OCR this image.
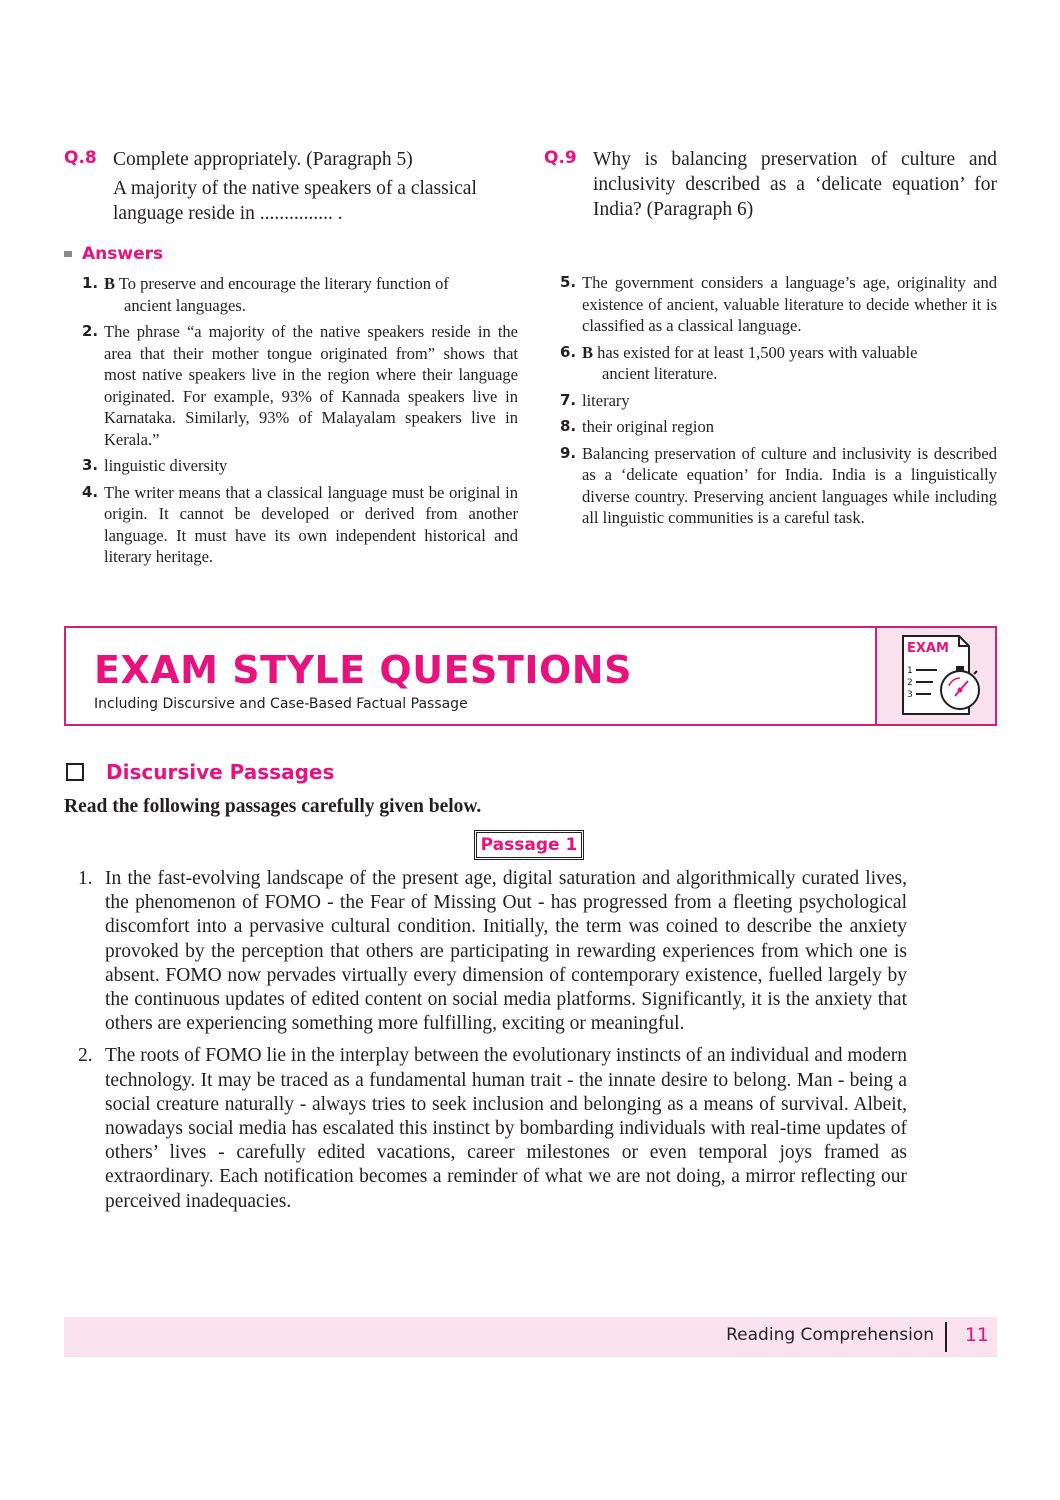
Q.8 Complete appropriately. (Paragraph 5)
A majority of the native speakers of a classical language reside in ............... .
Q.9 Why is balancing preservation of culture and inclusivity described as a ‘delicate equation’ for India? (Paragraph 6)
Answers
1. B To preserve and encourage the literary function of
ancient languages.
2. The phrase “a majority of the native speakers reside in the area that their mother tongue originated from” shows that most native speakers live in the region where their language originated. For example, 93% of Kannada speakers live in Karnataka. Similarly, 93% of Malayalam speakers live in Kerala.”
3. linguistic diversity
4. The writer means that a classical language must be original in origin. It cannot be developed or derived from another language. It must have its own independent historical and literary heritage.
5. The government considers a language’s age, originality and existence of ancient, valuable literature to decide whether it is classified as a classical language.
6. B has existed for at least 1,500 years with valuable
ancient literature.
7. literary
8. their original region
9. Balancing preservation of culture and inclusivity is described as a ‘delicate equation’ for India. India is a linguistically diverse country. Preserving ancient languages while including all linguistic communities is a careful task.
EXAM STYLE QUESTIONS
Including Discursive and Case-Based Factual Passage
EXAM
1
2
3
Discursive Passages
Read the following passages carefully given below.
Passage 1
1. In the fast-evolving landscape of the present age, digital saturation and algorithmically curated lives, the phenomenon of FOMO - the Fear of Missing Out - has progressed from a fleeting psychological discomfort into a pervasive cultural condition. Initially, the term was coined to describe the anxiety provoked by the perception that others are participating in rewarding experiences from which one is absent. FOMO now pervades virtually every dimension of contemporary existence, fuelled largely by the continuous updates of edited content on social media platforms. Significantly, it is the anxiety that others are experiencing something more fulfilling, exciting or meaningful.
2. The roots of FOMO lie in the interplay between the evolutionary instincts of an individual and modern technology. It may be traced as a fundamental human trait - the innate desire to belong. Man - being a social creature naturally - always tries to seek inclusion and belonging as a means of survival. Albeit, nowadays social media has escalated this instinct by bombarding individuals with real-time updates of others’ lives - carefully edited vacations, career milestones or even temporal joys framed as extraordinary. Each notification becomes a reminder of what we are not doing, a mirror reflecting our perceived inadequacies.
Reading Comprehension 11
